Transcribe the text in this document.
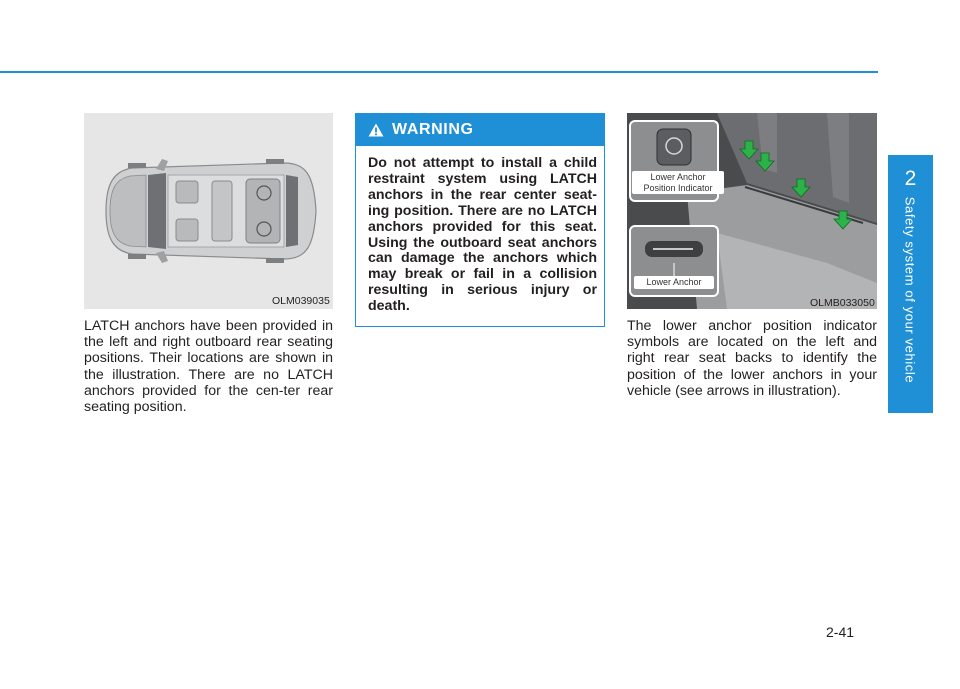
OLM039035

LATCH anchors have been provided in the left and right outboard rear seating positions. Their locations are shown in the illustration. There are no LATCH anchors provided for the cen-ter rear seating position.

WARNING

Do not attempt to install a child restraint system using LATCH anchors in the rear center seat-ing position. There are no LATCH anchors provided for this seat. Using the outboard seat anchors can damage the anchors which may break or fail in a collision resulting in serious injury or death.

Lower Anchor Position Indicator
Lower Anchor
OLMB033050

The lower anchor position indicator symbols are located on the left and right rear seat backs to identify the position of the lower anchors in your vehicle (see arrows in illustration).

2
Safety system of your vehicle
2-41
